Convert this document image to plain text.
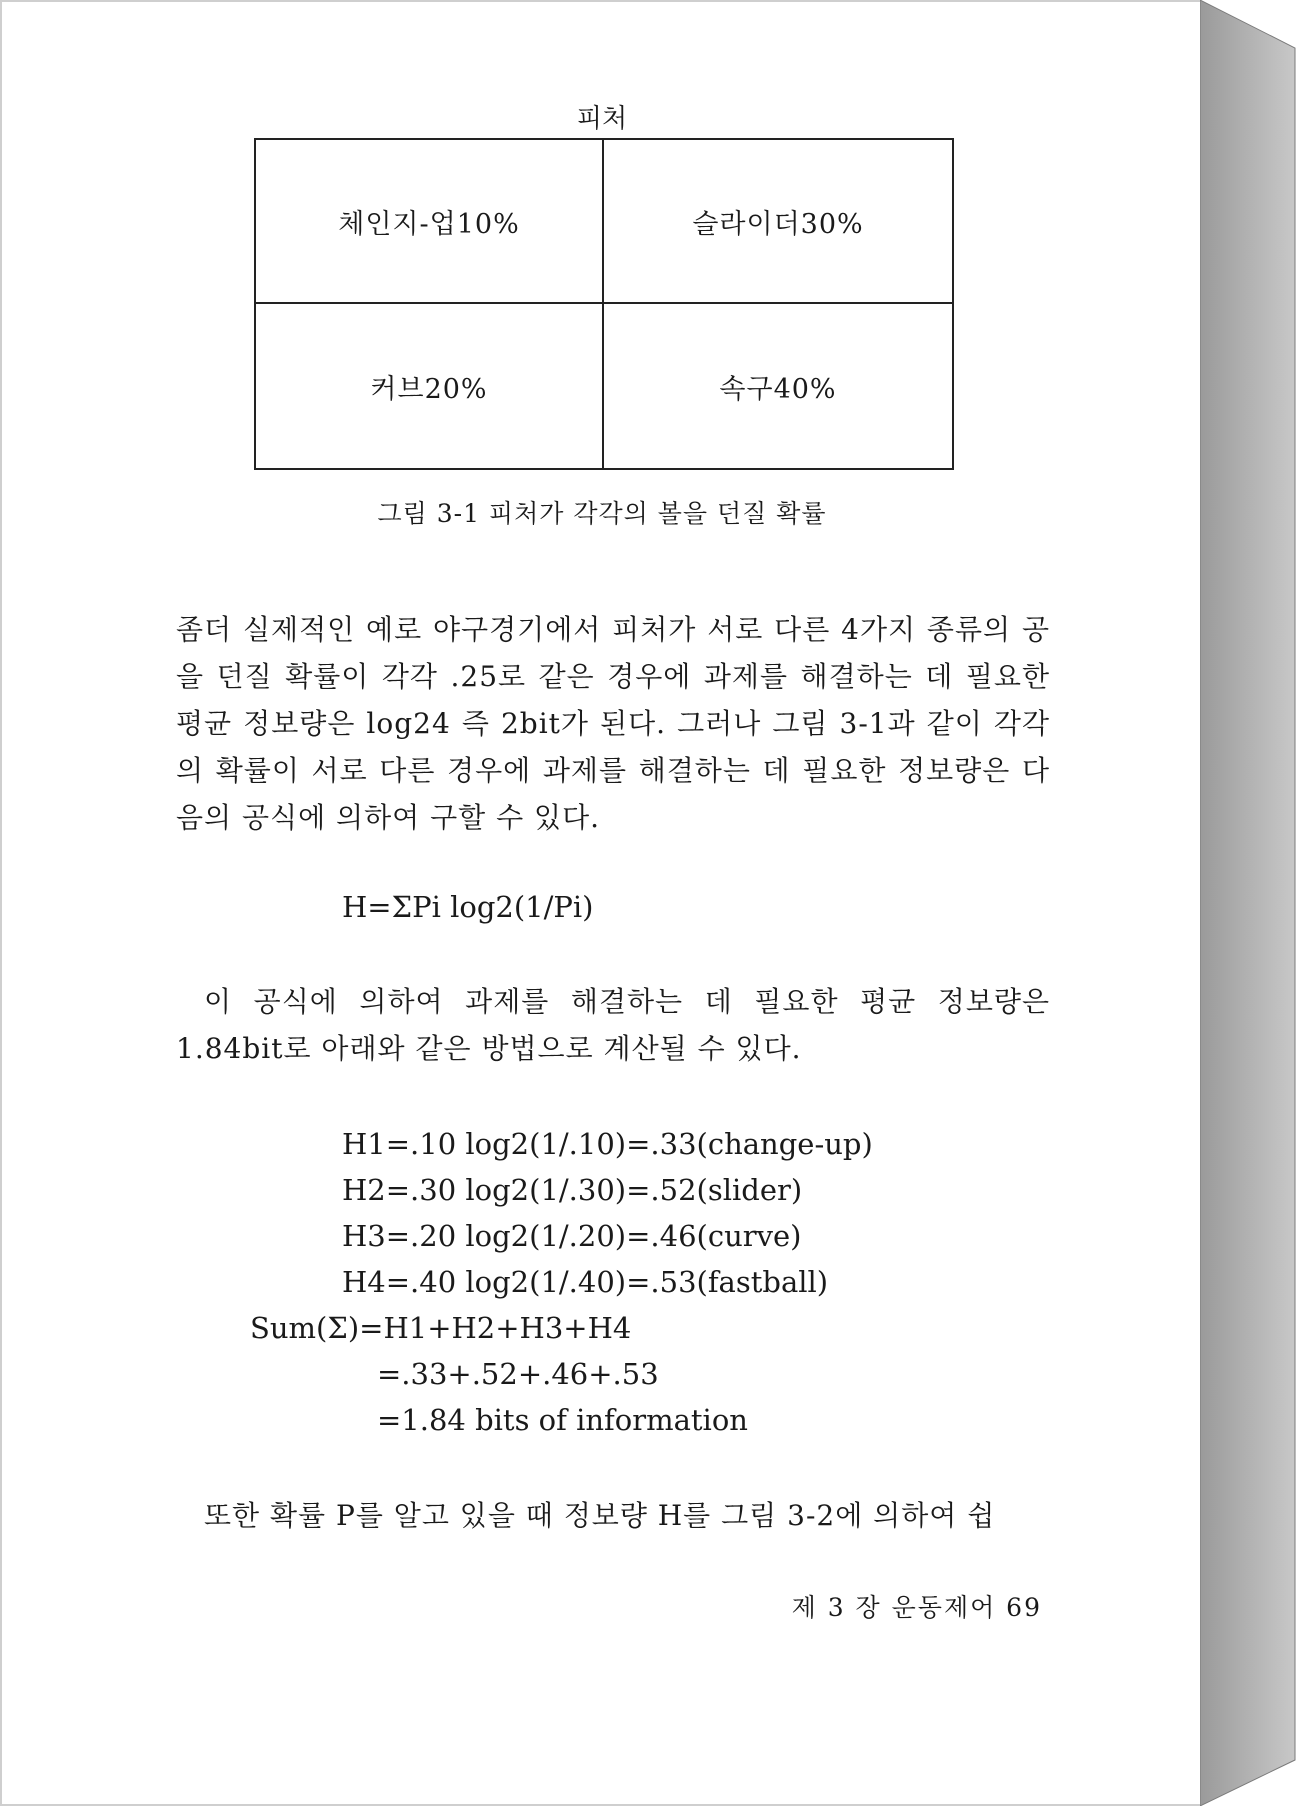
피처
체인지-업10%	슬라이더30%
커브20%	속구40%
그림 3-1 피처가 각각의 볼을 던질 확률

좀더 실제적인 예로 야구경기에서 피처가 서로 다른 4가지 종류의 공을 던질 확률이 각각 .25로 같은 경우에 과제를 해결하는 데 필요한 평균 정보량은 log24 즉 2bit가 된다. 그러나 그림 3-1과 같이 각각의 확률이 서로 다른 경우에 과제를 해결하는 데 필요한 정보량은 다음의 공식에 의하여 구할 수 있다.

H=ΣPi log2(1/Pi)

이 공식에 의하여 과제를 해결하는 데 필요한 평균 정보량은 1.84bit로 아래와 같은 방법으로 계산될 수 있다.

H1=.10 log2(1/.10)=.33(change-up)

H2=.30 log2(1/.30)=.52(slider)

H3=.20 log2(1/.20)=.46(curve)

H4=.40 log2(1/.40)=.53(fastball)

Sum(Σ)=H1+H2+H3+H4

=.33+.52+.46+.53

=1.84 bits of information

또한 확률 P를 알고 있을 때 정보량 H를 그림 3-2에 의하여 쉽

제 3 장 운동제어 69
